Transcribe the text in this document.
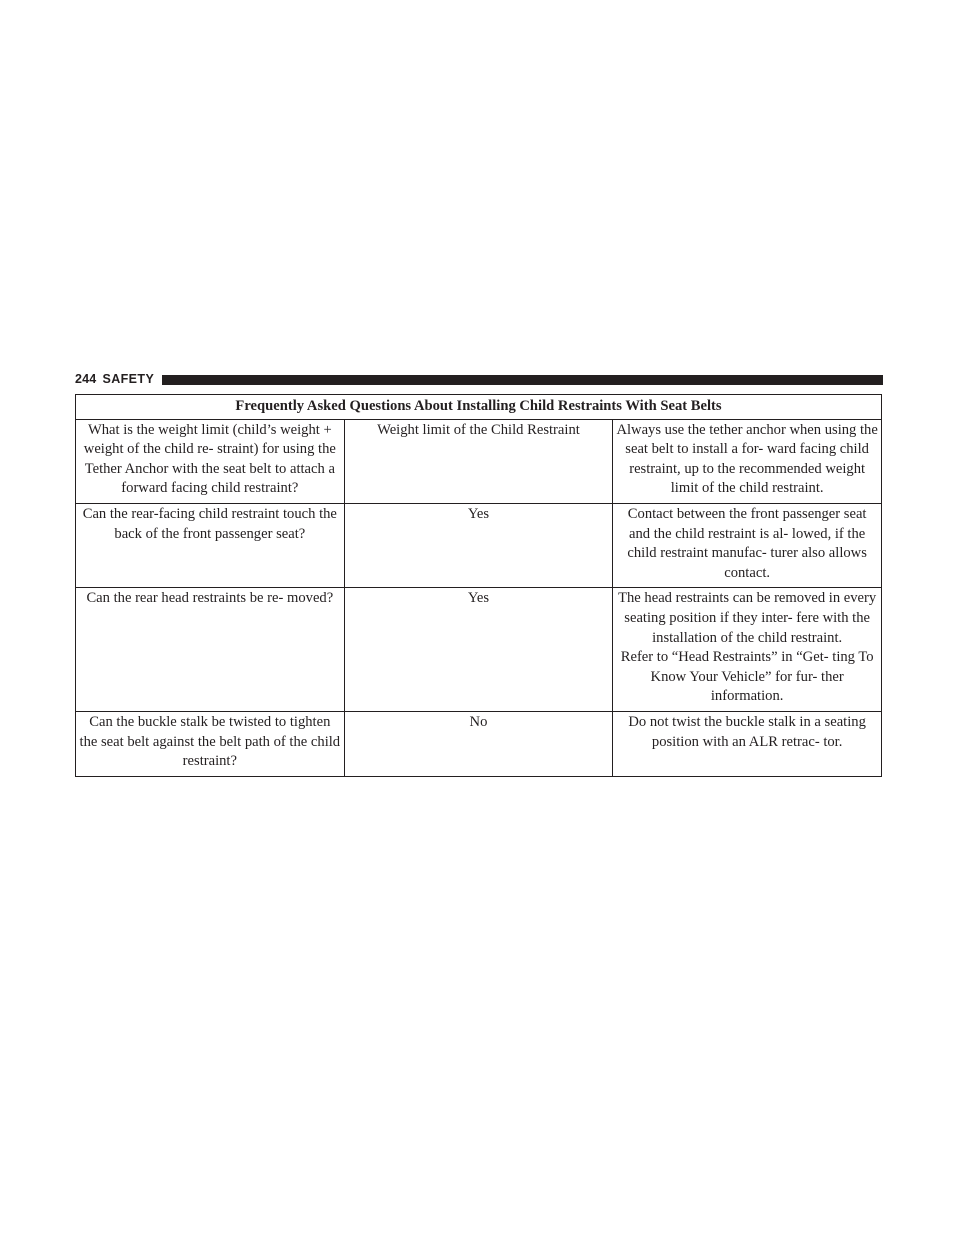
244 SAFETY
Frequently Asked Questions About Installing Child Restraints With Seat Belts		
What is the weight limit (child’s weight + weight of the child re- straint) for using the Tether Anchor with the seat belt to attach a forward facing child restraint?	Weight limit of the Child Restraint	Always use the tether anchor when using the seat belt to install a for- ward facing child restraint, up to the recommended weight limit of the child restraint.

Can the rear-facing child restraint touch the back of the front passenger seat?	Yes	Contact between the front passenger seat and the child restraint is al- lowed, if the child restraint manufac- turer also allows contact.

Can the rear head restraints be re- moved?	Yes	The head restraints can be removed in every seating position if they inter- fere with the installation of the child restraint.
Refer to “Head Restraints” in “Get- ting To Know Your Vehicle” for fur- ther information.

Can the buckle stalk be twisted to tighten the seat belt against the belt path of the child restraint?	No	Do not twist the buckle stalk in a seating position with an ALR retrac- tor.
